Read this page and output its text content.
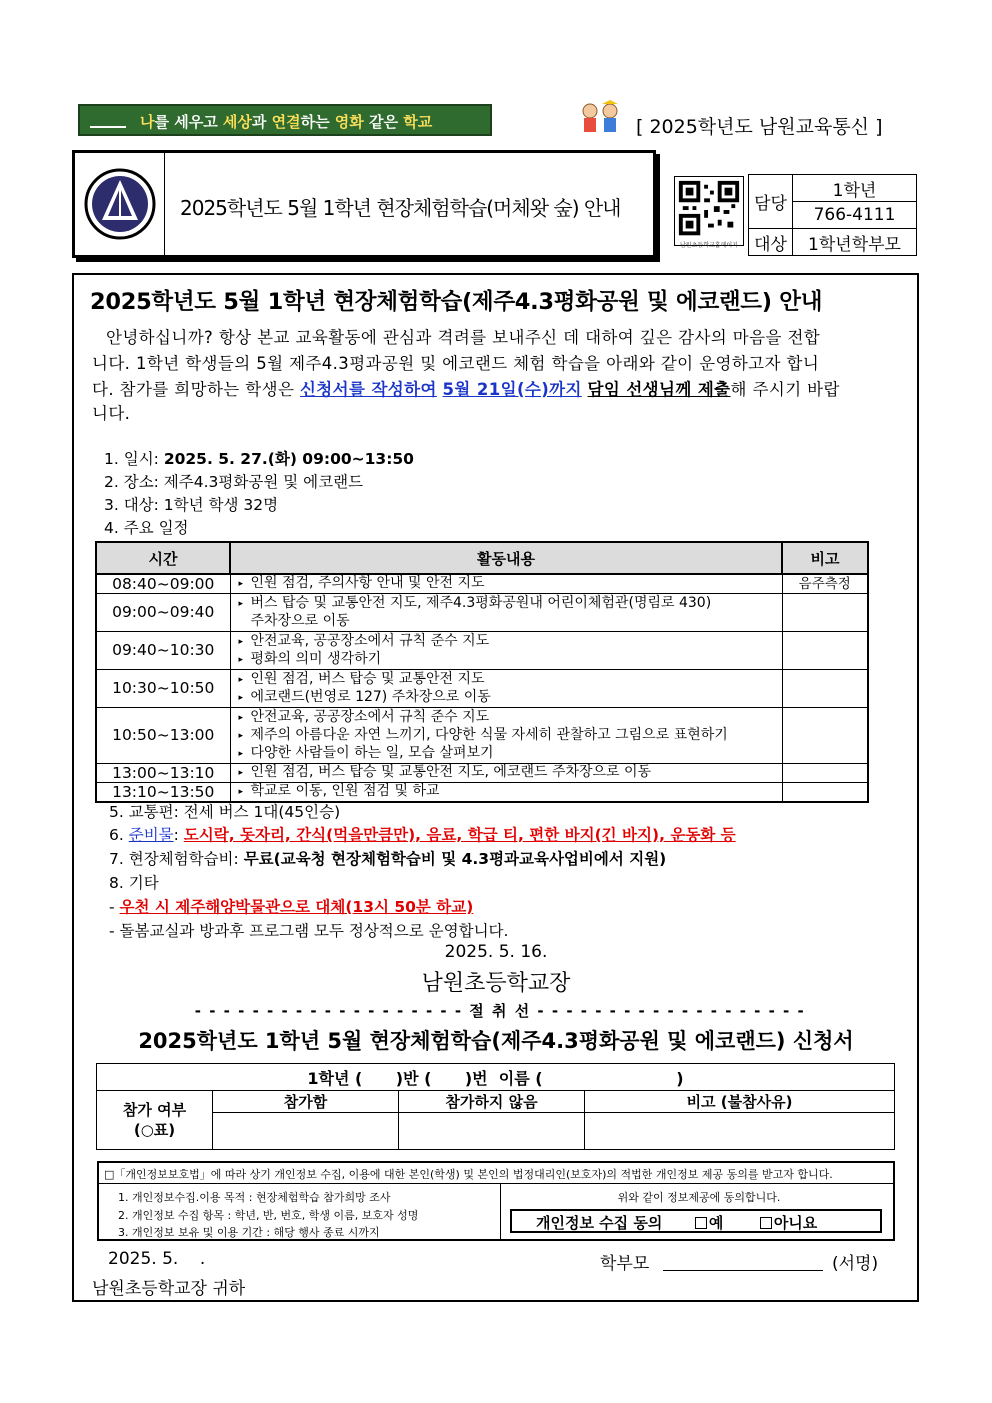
나를 세우고 세상과 연결하는 영화 같은 학교	[ 2025학년도 남원교육통신 ]
2025학년도 5월 1학년 현장체험학습(머체왓 숲) 안내
남원초등학교홈페이지
담당	1학년
	766-4111
대상	1학년학부모
2025학년도 5월 1학년 현장체험학습(제주4.3평화공원 및 에코랜드) 안내
안녕하십니까? 항상 본교 교육활동에 관심과 격려를 보내주신 데 대하여 깊은 감사의 마음을 전합
니다. 1학년 학생들의 5월 제주4.3평과공원 및 에코랜드 체험 학습을 아래와 같이 운영하고자 합니
다. 참가를 희망하는 학생은 신청서를 작성하여 5월 21일(수)까지 담임 선생님께 제출해 주시기 바랍
니다.
1. 일시: 2025. 5. 27.(화) 09:00~13:50
2. 장소: 제주4.3평화공원 및 에코랜드
3. 대상: 1학년 학생 32명
4. 주요 일정
시간	활동내용	비고
08:40~09:00	▸ 인원 점검, 주의사항 안내 및 안전 지도	음주측정
09:00~09:40	▸ 버스 탑승 및 교통안전 지도, 제주4.3평화공원내 어린이체험관(명림로 430)
주차장으로 이동	

09:40~10:30	▸ 안전교육, 공공장소에서 규칙 준수 지도
▸ 평화의 의미 생각하기	

10:30~10:50	▸ 인원 점검, 버스 탑승 및 교통안전 지도
▸ 에코랜드(번영로 127) 주차장으로 이동	

10:50~13:00	▸ 안전교육, 공공장소에서 규칙 준수 지도
▸ 제주의 아름다운 자연 느끼기, 다양한 식물 자세히 관찰하고 그림으로 표현하기
▸ 다양한 사람들이 하는 일, 모습 살펴보기	

13:00~13:10	▸ 인원 점검, 버스 탑승 및 교통안전 지도, 에코랜드 주차장으로 이동	

13:10~13:50	▸ 학교로 이동, 인원 점검 및 하교	

5. 교통편: 전세 버스 1대(45인승)
6. 준비물: 도시락, 돗자리, 간식(먹을만큼만), 음료, 학급 티, 편한 바지(긴 바지), 운동화 등
7. 현장체험학습비: 무료(교육청 현장체험학습비 및 4.3평과교육사업비에서 지원)
8. 기타
- 우천 시 제주해양박물관으로 대체(13시 50분 하교)
- 돌봄교실과 방과후 프로그램 모두 정상적으로 운영합니다.
2025. 5. 16.
남원초등학교장
- - - - - - - - - - - - - - - - - - - 절 취 선 - - - - - - - - - - - - - - - - - - -
2025학년도 1학년 5월 현장체험학습(제주4.3평화공원 및 에코랜드) 신청서
1학년 (      )반 (      )번  이름 (                        )			

참가 여부
(○표)	참가함	참가하지 않음	비고 (불참사유)

□「개인정보보호법」에 따라 상기 개인정보 수집, 이용에 대한 본인(학생) 및 본인의 법정대리인(보호자)의 적법한 개인정보 제공 동의를 받고자 합니다.
1. 개인정보수집.이용 목적 : 현장체험학습 참가희망 조사
2. 개인정보 수집 항목 : 학년, 반, 번호, 학생 이름, 보호자 성명
3. 개인정보 보유 및 이용 기간 : 해당 행사 종료 시까지
위와 같이 정보제공에 동의합니다.
개인정보 수집 동의	예	아니요
2025. 5.    .	학부모	(서명)
남원초등학교장 귀하
